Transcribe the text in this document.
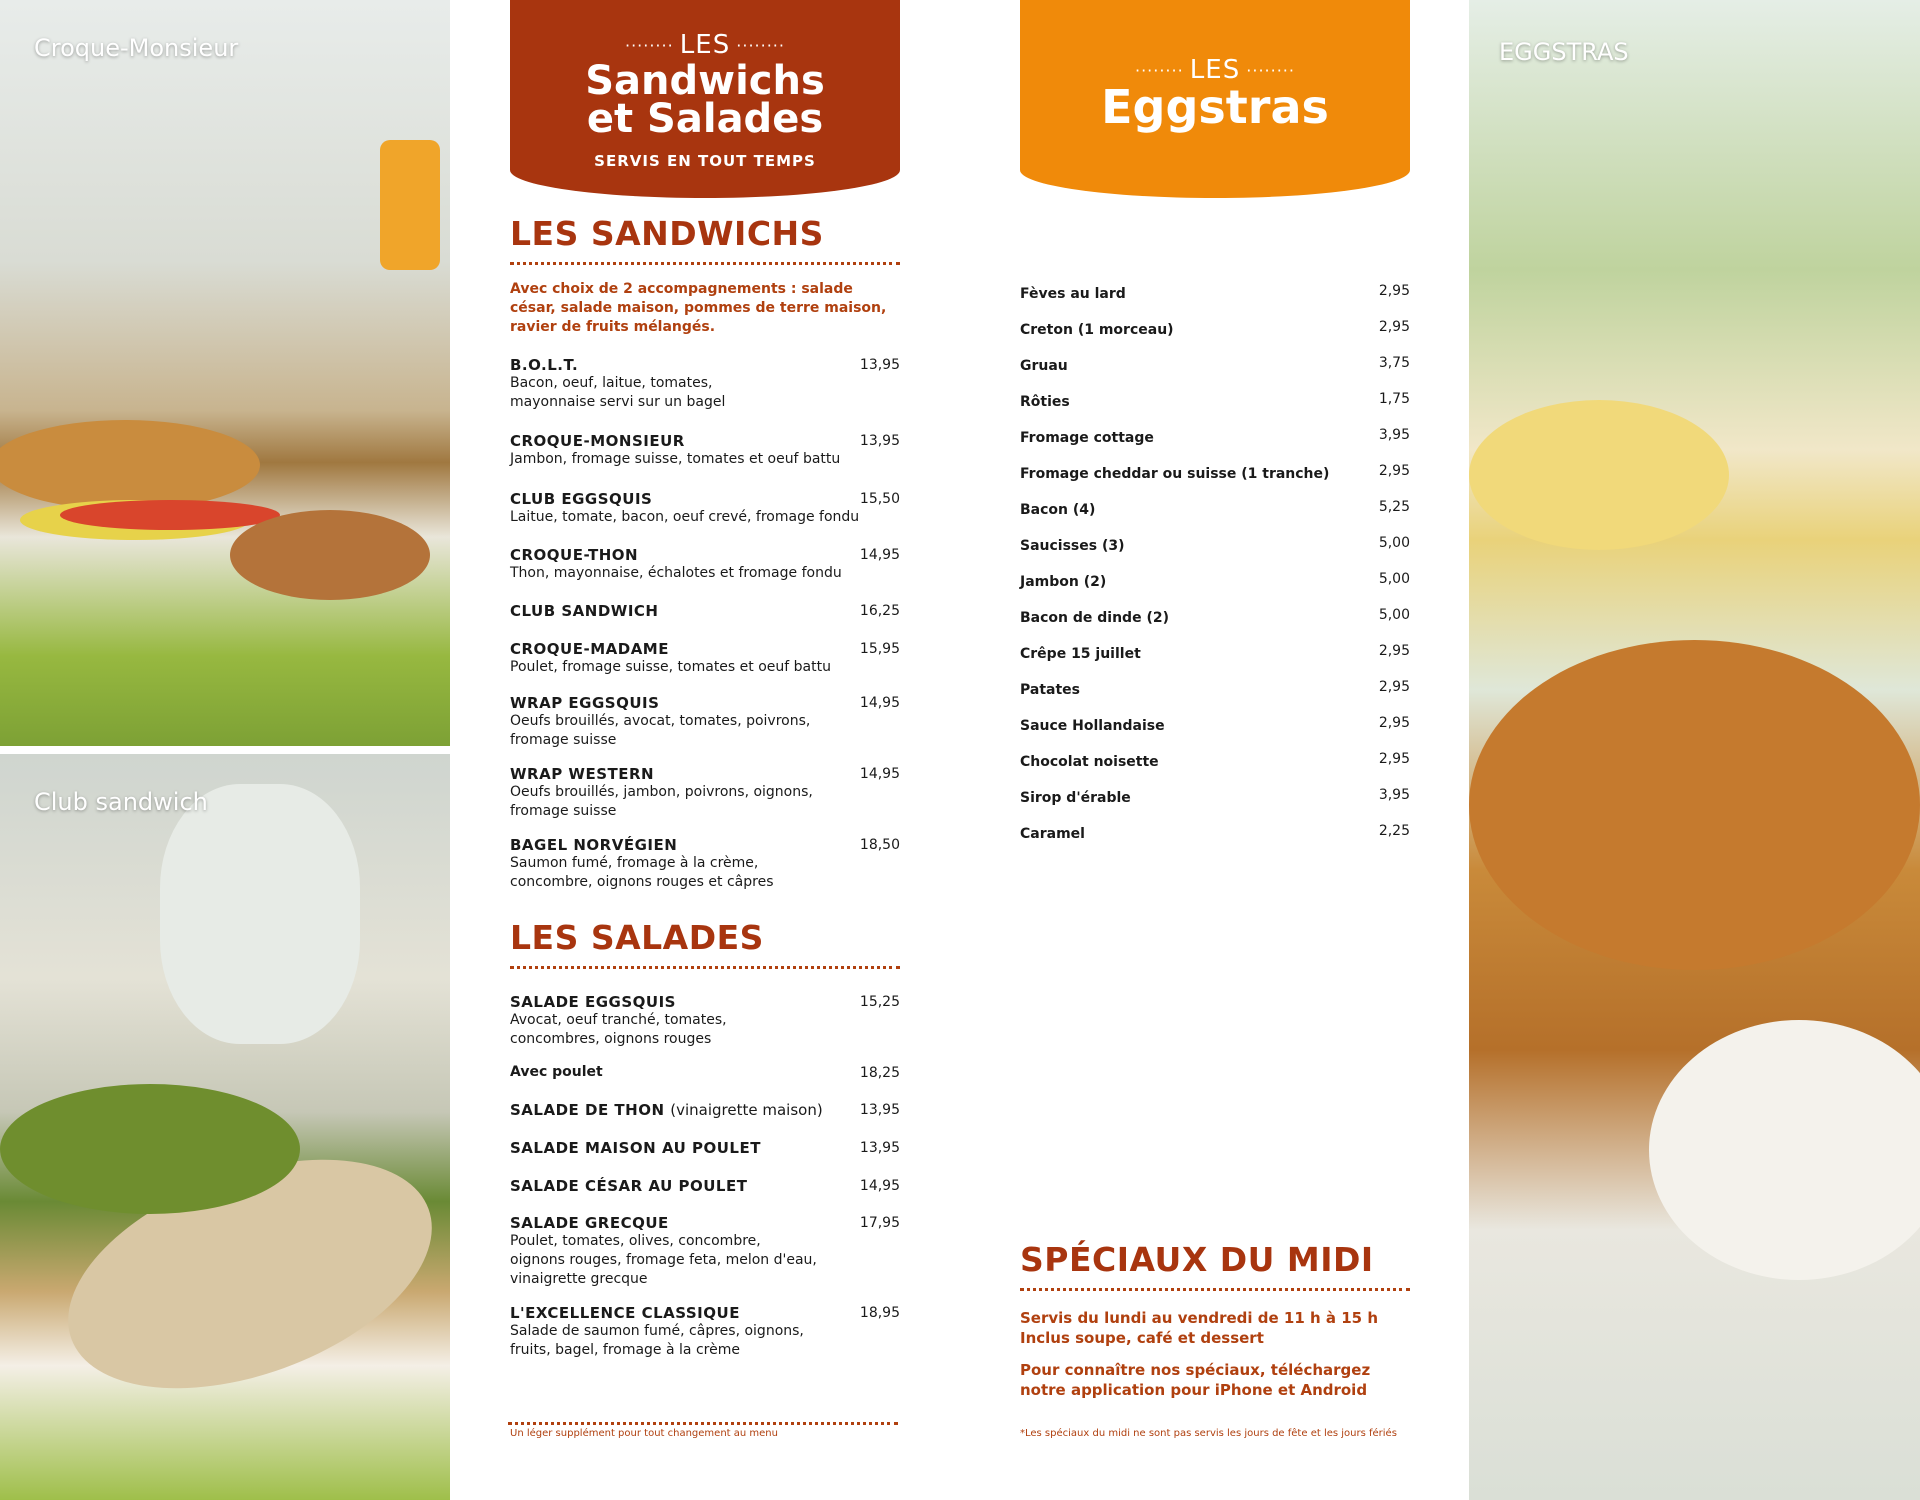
Croque-Monsieur
Club sandwich
EGGSTRAS
········ LES ········
Sandwichs
et Salades
SERVIS EN TOUT TEMPS
LES SANDWICHS
Avec choix de 2 accompagnements : salade césar, salade maison, pommes de terre maison, ravier de fruits mélangés.
B.O.L.T.	13,95
Bacon, oeuf, laitue, tomates,
mayonnaise servi sur un bagel
CROQUE-MONSIEUR	13,95
Jambon, fromage suisse, tomates et oeuf battu
CLUB EGGSQUIS	15,50
Laitue, tomate, bacon, oeuf crevé, fromage fondu
CROQUE-THON	14,95
Thon, mayonnaise, échalotes et fromage fondu
CLUB SANDWICH	16,25
CROQUE-MADAME	15,95
Poulet, fromage suisse, tomates et oeuf battu
WRAP EGGSQUIS	14,95
Oeufs brouillés, avocat, tomates, poivrons,
fromage suisse
WRAP WESTERN	14,95
Oeufs brouillés, jambon, poivrons, oignons,
fromage suisse
BAGEL NORVÉGIEN	18,50
Saumon fumé, fromage à la crème,
concombre, oignons rouges et câpres
LES SALADES
SALADE EGGSQUIS	15,25
Avocat, oeuf tranché, tomates,
concombres, oignons rouges
Avec poulet	18,25
SALADE DE THON (vinaigrette maison)	13,95
SALADE MAISON AU POULET	13,95
SALADE CÉSAR AU POULET	14,95
SALADE GRECQUE	17,95
Poulet, tomates, olives, concombre,
oignons rouges, fromage feta, melon d'eau,
vinaigrette grecque
L'EXCELLENCE CLASSIQUE	18,95
Salade de saumon fumé, câpres, oignons,
fruits, bagel, fromage à la crème
Un léger supplément pour tout changement au menu
········ LES ········
Eggstras
Fèves au lard	2,95
Creton (1 morceau)	2,95
Gruau	3,75
Rôties	1,75
Fromage cottage	3,95
Fromage cheddar ou suisse (1 tranche)	2,95
Bacon (4)	5,25
Saucisses (3)	5,00
Jambon (2)	5,00
Bacon de dinde (2)	5,00
Crêpe 15 juillet	2,95
Patates	2,95
Sauce Hollandaise	2,95
Chocolat noisette	2,95
Sirop d'érable	3,95
Caramel	2,25
SPÉCIAUX DU MIDI
Servis du lundi au vendredi de 11 h à 15 h
Inclus soupe, café et dessert
Pour connaître nos spéciaux, téléchargez
notre application pour iPhone et Android
*Les spéciaux du midi ne sont pas servis les jours de fête et les jours fériés
